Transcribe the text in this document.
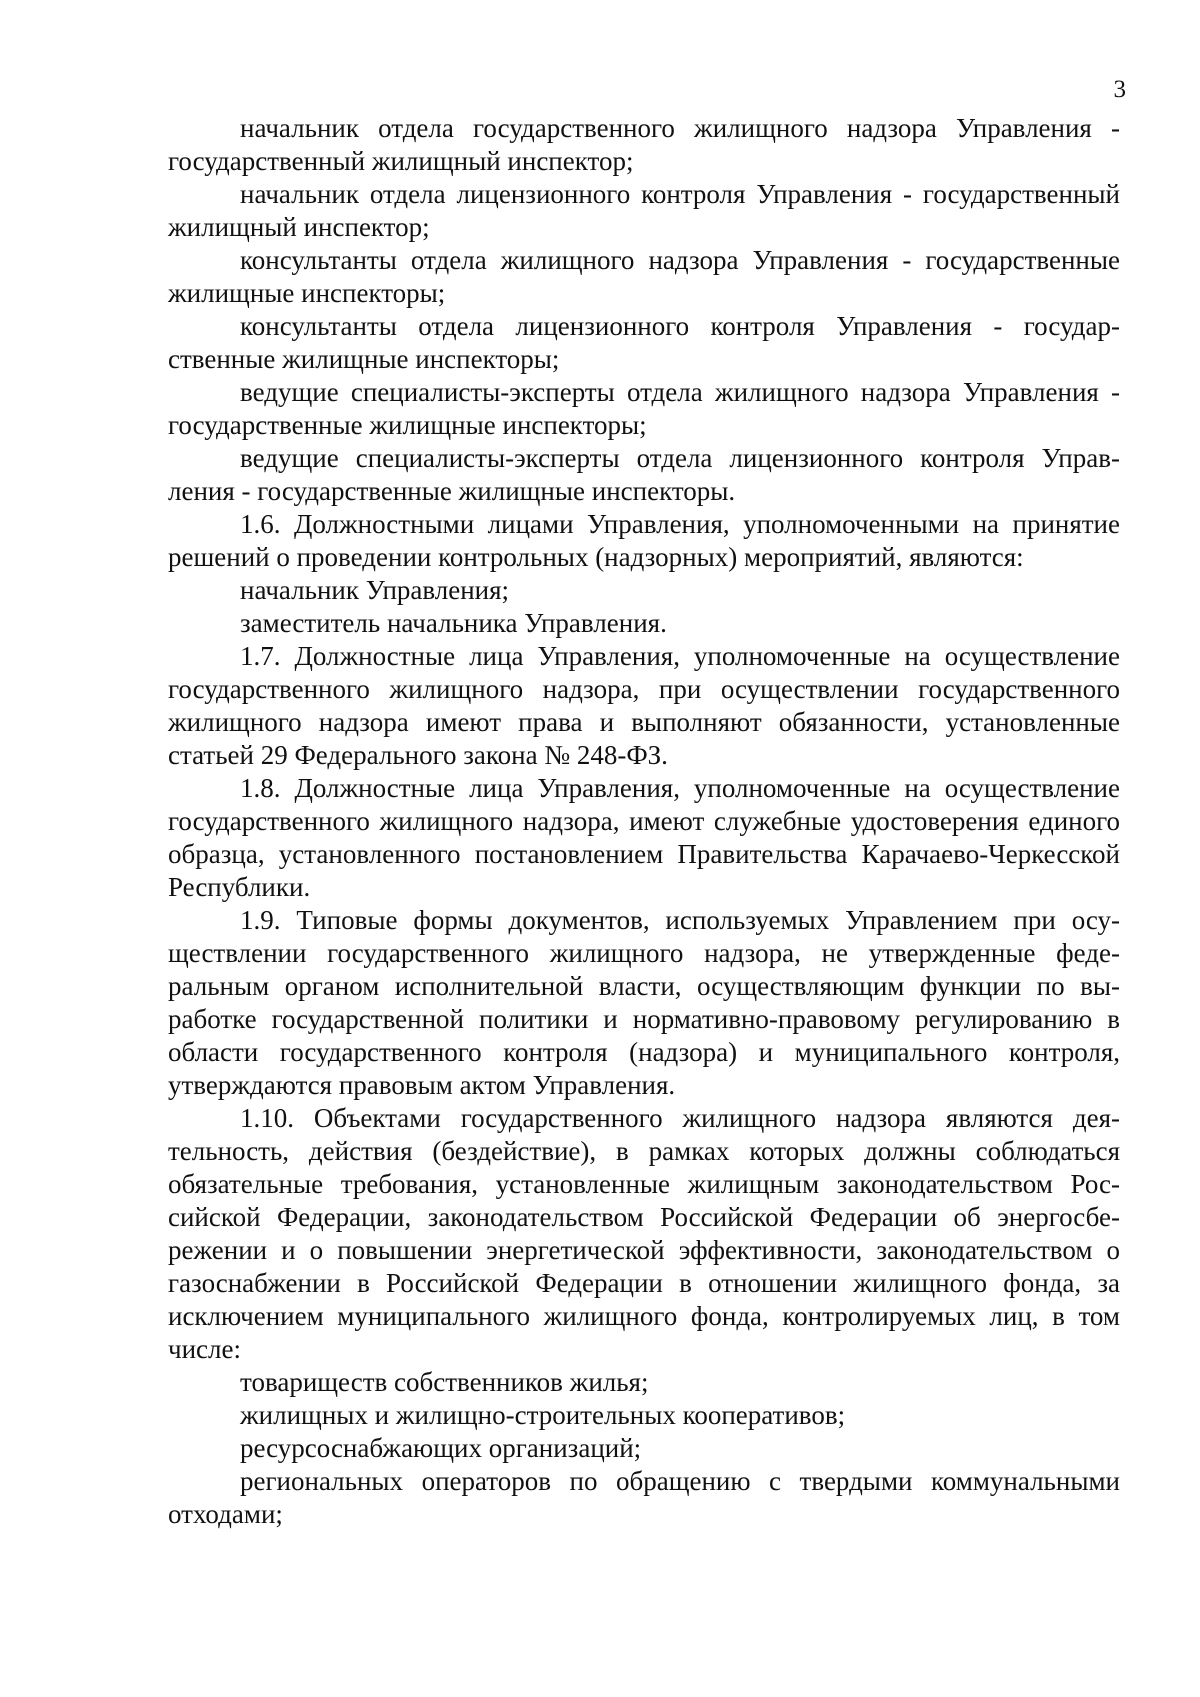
3

начальник отдела государственного жилищного надзора Управления - государственный жилищный инспектор;

начальник отдела лицензионного контроля Управления - государственный жилищный инспектор;

консультанты отдела жилищного надзора Управления - государственные жилищные инспекторы;

консультанты отдела лицензионного контроля Управления - государственные жилищные инспекторы;

ведущие специалисты-эксперты отдела жилищного надзора Управления - государственные жилищные инспекторы;

ведущие специалисты-эксперты отдела лицензионного контроля Управления - государственные жилищные инспекторы.

1.6. Должностными лицами Управления, уполномоченными на принятие решений о проведении контрольных (надзорных) мероприятий, являются:

начальник Управления;

заместитель начальника Управления.

1.7. Должностные лица Управления, уполномоченные на осуществление государственного жилищного надзора, при осуществлении государственного жилищного надзора имеют права и выполняют обязанности, установленные статьей 29 Федерального закона № 248-ФЗ.

1.8. Должностные лица Управления, уполномоченные на осуществление государственного жилищного надзора, имеют служебные удостоверения единого образца, установленного постановлением Правительства Карачаево-Черкесской Республики.

1.9. Типовые формы документов, используемых Управлением при осуществлении государственного жилищного надзора, не утвержденные федеральным органом исполнительной власти, осуществляющим функции по выработке государственной политики и нормативно-правовому регулированию в области государственного контроля (надзора) и муниципального контроля, утверждаются правовым актом Управления.

1.10. Объектами государственного жилищного надзора являются деятельность, действия (бездействие), в рамках которых должны соблюдаться обязательные требования, установленные жилищным законодательством Российской Федерации, законодательством Российской Федерации об энергосбережении и о повышении энергетической эффективности, законодательством о газоснабжении в Российской Федерации в отношении жилищного фонда, за исключением муниципального жилищного фонда, контролируемых лиц, в том числе:

товариществ собственников жилья;

жилищных и жилищно-строительных кооперативов;

ресурсоснабжающих организаций;

региональных операторов по обращению с твердыми коммунальными отходами;
